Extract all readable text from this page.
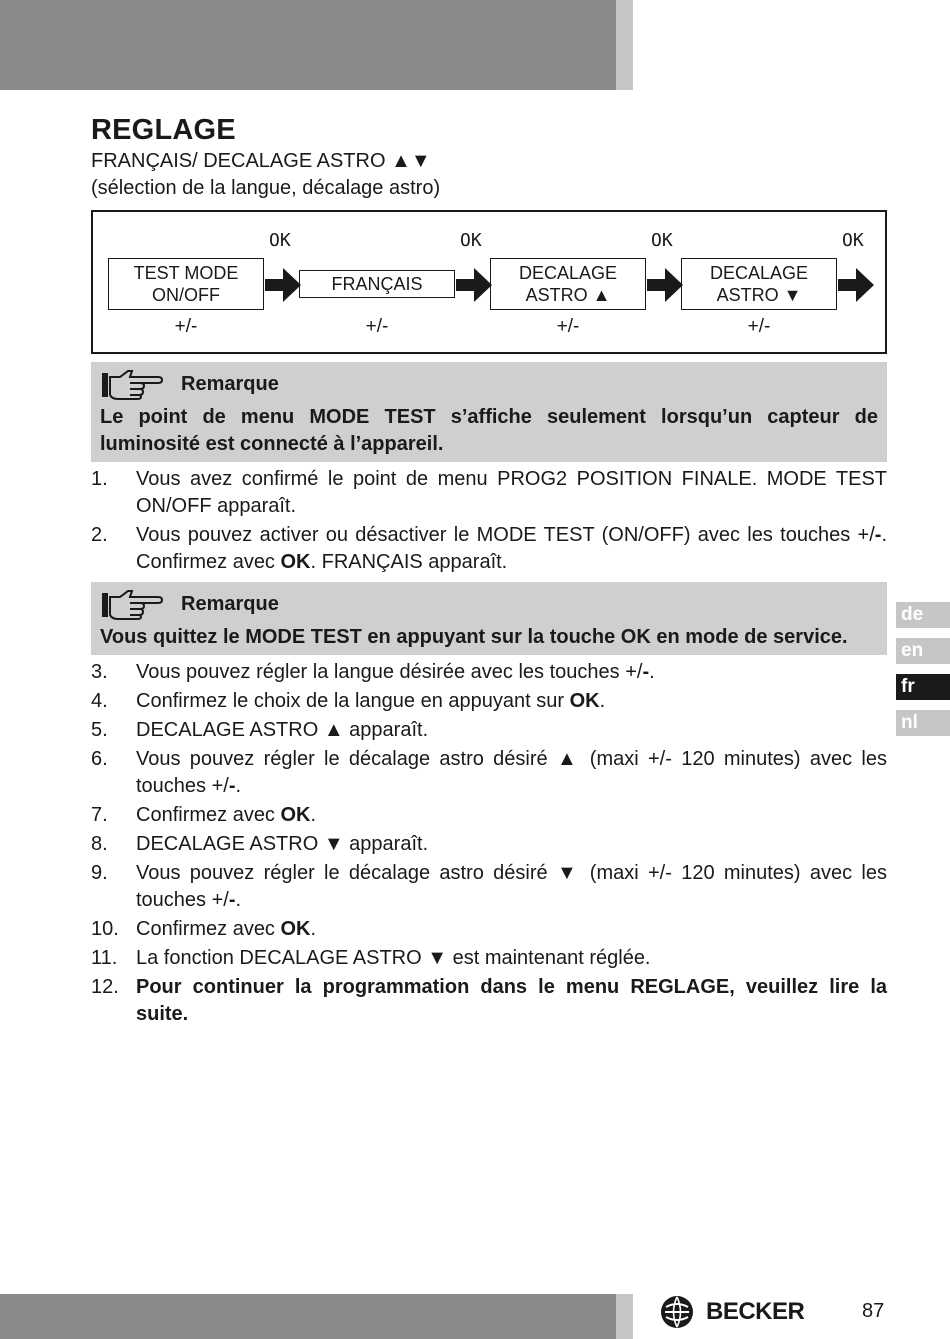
REGLAGE
FRANÇAIS/ DECALAGE ASTRO ▲▼
(sélection de la langue, décalage astro)
OK	OK	OK	OK
TEST MODE
ON/OFF
FRANÇAIS
DECALAGE
ASTRO ▲
DECALAGE
ASTRO ▼
+/-	+/-	+/-	+/-
Remarque
Le point de menu MODE TEST s’affiche seulement lorsqu’un capteur de luminosité est connecté à l’appareil.
1.	Vous avez confirmé le point de menu PROG2 POSITION FINALE. MODE TEST ON/OFF apparaît.
2.	Vous pouvez activer ou désactiver le MODE TEST (ON/OFF) avec les touches +/-. Confirmez avec OK. FRANÇAIS apparaît.
Remarque
Vous quittez le MODE TEST en appuyant sur la touche OK en mode de service.
3.	Vous pouvez régler la langue désirée avec les touches +/-.
4.	Confirmez le choix de la langue en appuyant sur OK.
5.	DECALAGE ASTRO ▲ apparaît.
6.	Vous pouvez régler le décalage astro désiré ▲ (maxi +/- 120 minutes) avec les touches +/-.
7.	Confirmez avec OK.
8.	DECALAGE ASTRO ▼ apparaît.
9.	Vous pouvez régler le décalage astro désiré ▼ (maxi +/- 120 minutes) avec les touches +/-.
10. Confirmez avec OK.
11. La fonction DECALAGE ASTRO ▼ est maintenant réglée.
12. Pour continuer la programmation dans le menu REGLAGE, veuillez lire la suite.
de
en
fr
nl
BECKER	87
